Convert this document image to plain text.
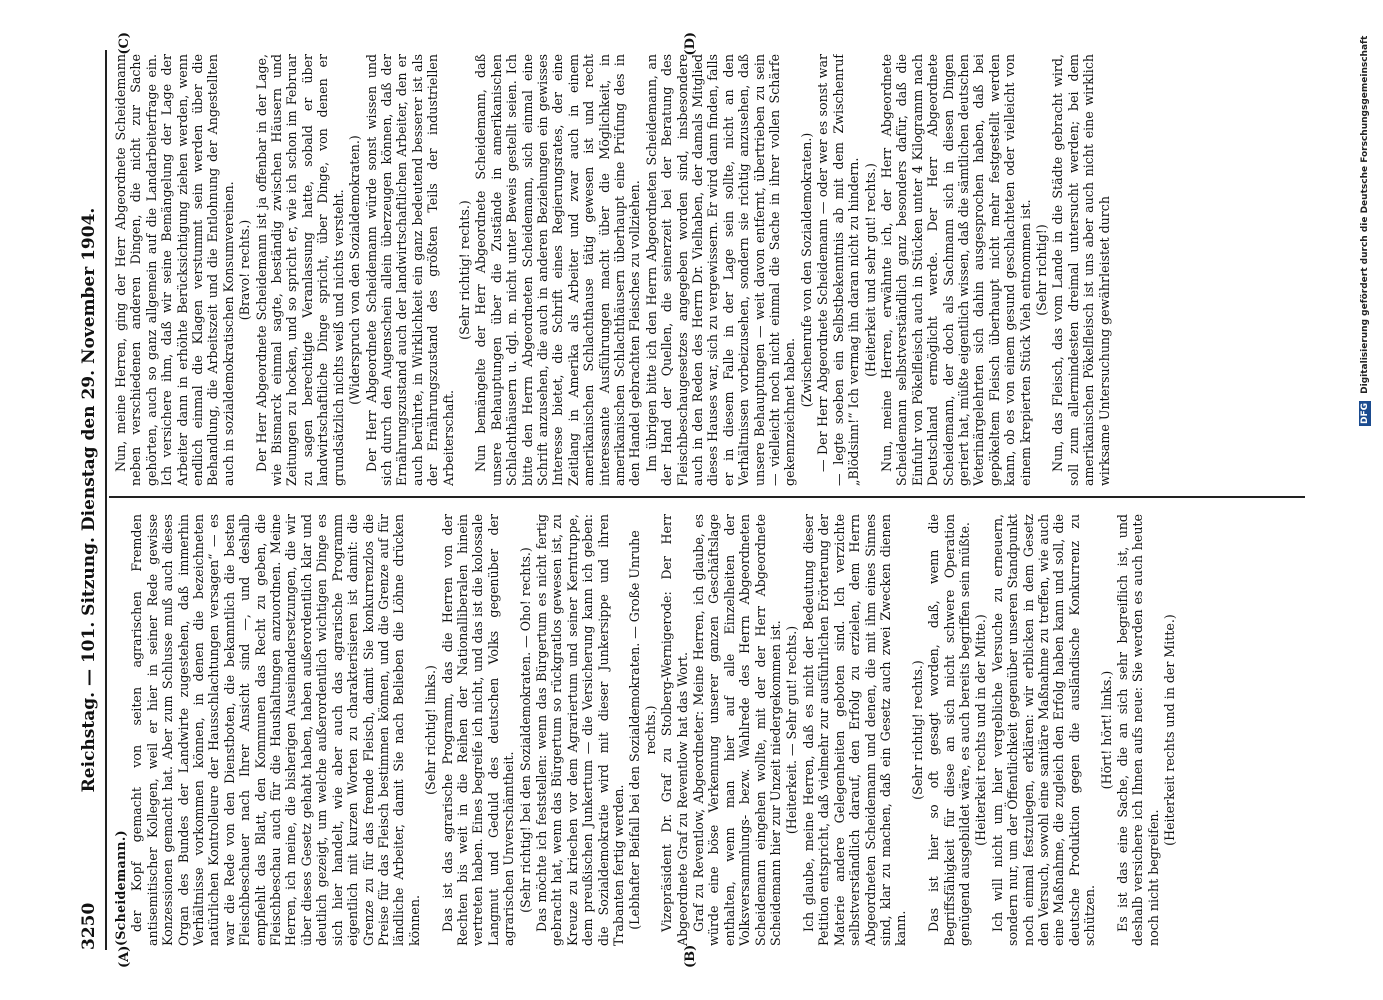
3250
Reichstag. — 101. Sitzung. Dienstag den 29. November 1904.
(A)	(B)
(C)	(D)

(Scheidemann.) der Kopf gemacht von seiten agrarischen Fremden antisemitischer Kollegen, weil er hier in seiner Rede gewisse Konzessionen gemacht hat. Aber zum Schlusse muß auch dieses Organ des Bundes der Landwirte zugestehen, daß immerhin Verhältnisse vorkommen können, in denen die bezeichneten natürlichen Kontrolleure der Hausschlachtungen versagen“ — es war die Rede von den Dienstboten, die bekanntlich die besten Fleischbeschauer nach Ihrer Ansicht sind —, und deshalb empfiehlt das Blatt, den Kommunen das Recht zu geben, die Fleischbeschau auch für die Haushaltungen anzuordnen. Meine Herren, ich meine, die bisherigen Auseinandersetzungen, die wir über dieses Gesetz gehabt haben, haben außerordentlich klar und deutlich gezeigt, um welche außerordentlich wichtigen Dinge es sich hier handelt, wie aber auch das agrarische Programm eigentlich mit kurzen Worten zu charakterisieren ist damit: die Grenze zu für das fremde Fleisch, damit Sie konkurrenzlos die Preise für das Fleisch bestimmen können, und die Grenze auf für ländliche Arbeiter, damit Sie nach Belieben die Löhne drücken können.

(Sehr richtig! links.) Das ist das agrarische Programm, das die Herren von der Rechten bis weit in die Reihen der Nationalliberalen hinein vertreten haben. Eines begreife ich nicht, und das ist die kolossale Langmut und Geduld des deutschen Volks gegenüber der agrarischen Unverschämtheit. (Sehr richtig! bei den Sozialdemokraten. — Oho! rechts.) Das möchte ich feststellen: wenn das Bürgertum es nicht fertig gebracht hat, wenn das Bürgertum so rückgratlos gewesen ist, zu Kreuze zu kriechen vor dem Agrariertum und seiner Kerntruppe, dem preußischen Junkertum — die Versicherung kann ich geben: die Sozialdemokratie wird mit dieser Junkersippe und ihren Trabanten fertig werden. (Lebhafter Beifall bei den Sozialdemokraten. — Große Unruhe rechts.) Vizepräsident Dr. Graf zu Stolberg-Wernigerode: Der Herr Abgeordnete Graf zu Reventlow hat das Wort. Graf zu Reventlow, Abgeordneter: Meine Herren, ich glaube, es würde eine böse Verkennung unserer ganzen Geschäftslage enthalten, wenn man hier auf alle Einzelheiten der Volksversammlungs- bezw. Wahlrede des Herrn Abgeordneten Scheidemann eingehen wollte, mit der der Herr Abgeordnete Scheidemann hier zur Unzeit niedergekommen ist. (Heiterkeit. — Sehr gut! rechts.) Ich glaube, meine Herren, daß es nicht der Bedeutung dieser Petition entspricht, daß vielmehr zur ausführlichen Erörterung der Materie andere Gelegenheiten geboten sind. Ich verzichte selbstverständlich darauf, den Erfolg zu erzielen, dem Herrn Abgeordneten Scheidemann und denen, die mit ihm eines Sinnes sind, klar zu machen, daß ein Gesetz auch zwei Zwecken dienen kann.

(Sehr richtig! rechts.) Das ist hier so oft gesagt worden, daß, wenn die Begriffsfähigkeit für diese an sich nicht schwere Operation genügend ausgebildet wäre, es auch bereits begriffen sein müßte. (Heiterkeit rechts und in der Mitte.) Ich will nicht um hier vergebliche Versuche zu erneuern, sondern nur, um der Öffentlichkeit gegenüber unseren Standpunkt noch einmal festzulegen, erklären: wir erblicken in dem Gesetz den Versuch, sowohl eine sanitäre Maßnahme zu treffen, wie auch eine Maßnahme, die zugleich den Erfolg haben kann und soll, die deutsche Produktion gegen die ausländische Konkurrenz zu schützen.

(Hört! hört! links.) Es ist das eine Sache, die an sich sehr begreiflich ist, und deshalb versichere ich Ihnen aufs neue: Sie werden es auch heute noch nicht begreifen.

(Heiterkeit rechts und in der Mitte.)

Nun, meine Herren, ging der Herr Abgeordnete Scheidemann neben verschiedenen anderen Dingen, die nicht zur Sache gehörten, auch so ganz allgemein auf die Landarbeiterfrage ein. Ich versichere ihm, daß wir seine Bemängelung der Lage der Arbeiter dann in erhöhte Berücksichtigung ziehen werden, wenn endlich einmal die Klagen verstummt sein werden über die Behandlung, die Arbeitszeit und die Entlohnung der Angestellten auch in sozialdemokratischen Konsumvereinen. (Bravo! rechts.) Der Herr Abgeordnete Scheidemann ist ja offenbar in der Lage, wie Bismarck einmal sagte, beständig zwischen Häusern und Zeitungen zu hocken, und so spricht er, wie ich schon im Februar zu sagen berechtigte Veranlassung hatte, sobald er über landwirtschaftliche Dinge spricht, über Dinge, von denen er grundsätzlich nichts weiß und nichts versteht. (Widerspruch von den Sozialdemokraten.) Der Herr Abgeordnete Scheidemann würde sonst wissen und sich durch den Augenschein allein überzeugen können, daß der Ernährungszustand auch der landwirtschaftlichen Arbeiter, den er auch berührte, in Wirklichkeit ein ganz bedeutend besserer ist als der Ernährungszustand des größten Teils der industriellen Arbeiterschaft.

(Sehr richtig! rechts.) Nun bemängelte der Herr Abgeordnete Scheidemann, daß unsere Behauptungen über die Zustände in amerikanischen Schlachthäusern u. dgl. m. nicht unter Beweis gestellt seien. Ich bitte den Herrn Abgeordneten Scheidemann, sich einmal eine Schrift anzusehen, die auch in anderen Beziehungen ein gewisses Interesse bietet, die Schrift eines Regierungsrates, der eine Zeitlang in Amerika als Arbeiter und zwar auch in einem amerikanischen Schlachthause tätig gewesen ist und recht interessante Ausführungen macht über die Möglichkeit, in amerikanischen Schlachthäusern überhaupt eine Prüfung des in den Handel gebrachten Fleisches zu vollziehen. Im übrigen bitte ich den Herrn Abgeordneten Scheidemann, an der Hand der Quellen, die seinerzeit bei der Beratung des Fleischbeschaugesetzes angegeben worden sind, insbesondere auch in den Reden des Herrn Dr. Vielhaben, der damals Mitglied dieses Hauses war, sich zu vergewissern. Er wird dann finden, falls er in diesem Falle in der Lage sein sollte, nicht an den Verhältnissen vorbeizusehen, sondern sie richtig anzusehen, daß unsere Behauptungen — weit davon entfernt, übertrieben zu sein — vielleicht noch nicht einmal die Sache in ihrer vollen Schärfe gekennzeichnet haben.

(Zwischenrufe von den Sozialdemokraten.) — Der Herr Abgeordnete Scheidemann — oder wer es sonst war — legte soeben ein Selbstbekenntnis ab mit dem Zwischenruf „Blödsinn!“ Ich vermag ihn daran nicht zu hindern. (Heiterkeit und sehr gut! rechts.) Nun, meine Herren, erwähnte ich, der Herr Abgeordnete Scheidemann selbstverständlich ganz besonders dafür, daß die Einfuhr von Pökelfleisch auch in Stücken unter 4 Kilogramm nach Deutschland ermöglicht werde. Der Herr Abgeordnete Scheidemann, der doch als Sachmann sich in diesen Dingen geriert hat, müßte eigentlich wissen, daß die sämtlichen deutschen Veterinärgelehrten sich dahin ausgesprochen haben, daß bei gepökeltem Fleisch überhaupt nicht mehr festgestellt werden kann, ob es von einem gesund geschlachteten oder vielleicht von einem krepierten Stück Vieh entnommen ist. (Sehr richtig!) Nun, das Fleisch, das vom Lande in die Städte gebracht wird, soll zum allermindesten dreimal untersucht werden; bei dem amerikanischen Pökelfleisch ist uns aber auch nicht eine wirklich wirksame Untersuchung gewährleistet durch	DFG Digitalisierung gefördert durch die Deutsche Forschungsgemeinschaft
